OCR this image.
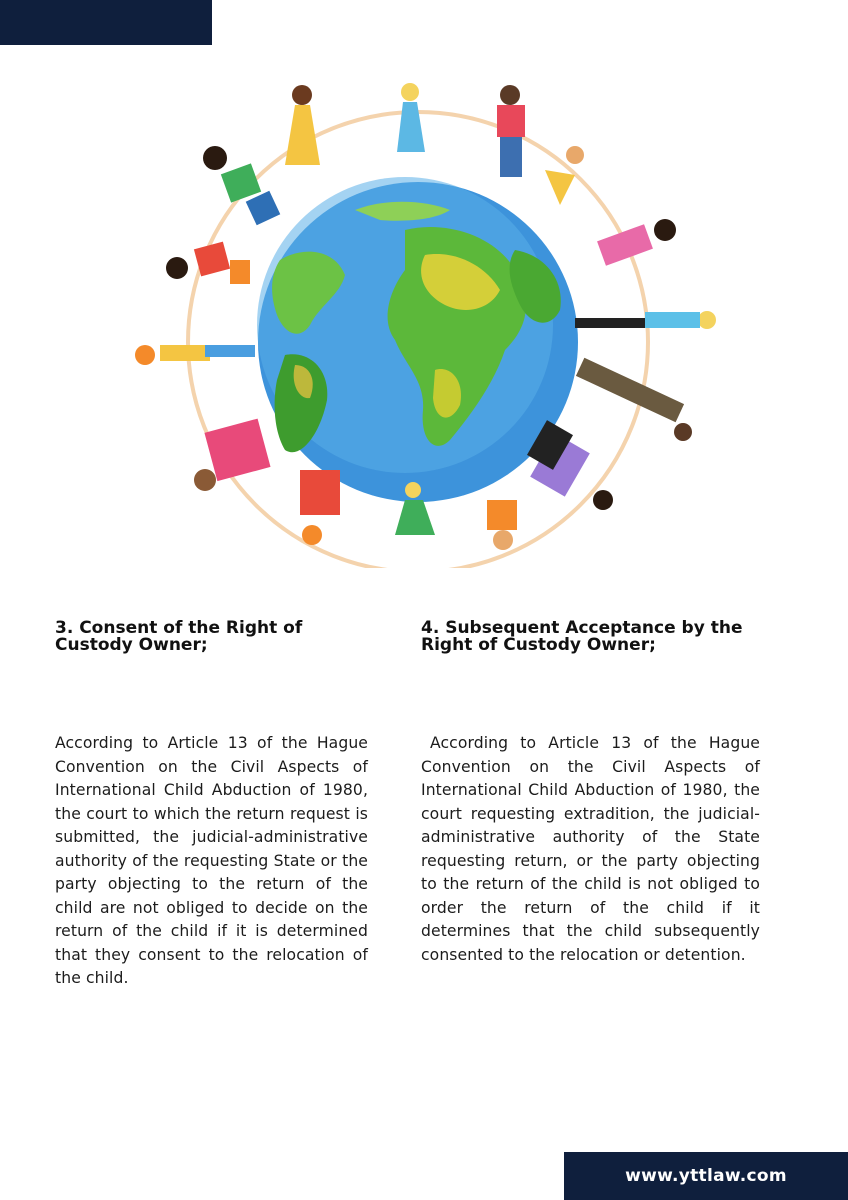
3. Consent of the Right of Custody Owner;

According to Article 13 of the Hague Convention on the Civil Aspects of International Child Abduction of 1980, the court to which the return request is submitted, the judicial-administrative authority of the requesting State or the party objecting to the return of the child are not obliged to decide on the return of the child if it is determined that they consent to the relocation of the child.

4. Subsequent Acceptance by the Right of Custody Owner;

According to Article 13 of the Hague Convention on the Civil Aspects of International Child Abduction of 1980, the court requesting extradition, the judicial-administrative authority of the State requesting return, or the party objecting to the return of the child is not obliged to order the return of the child if it determines that the child subsequently consented to the relocation or detention.

www.yttlaw.com
